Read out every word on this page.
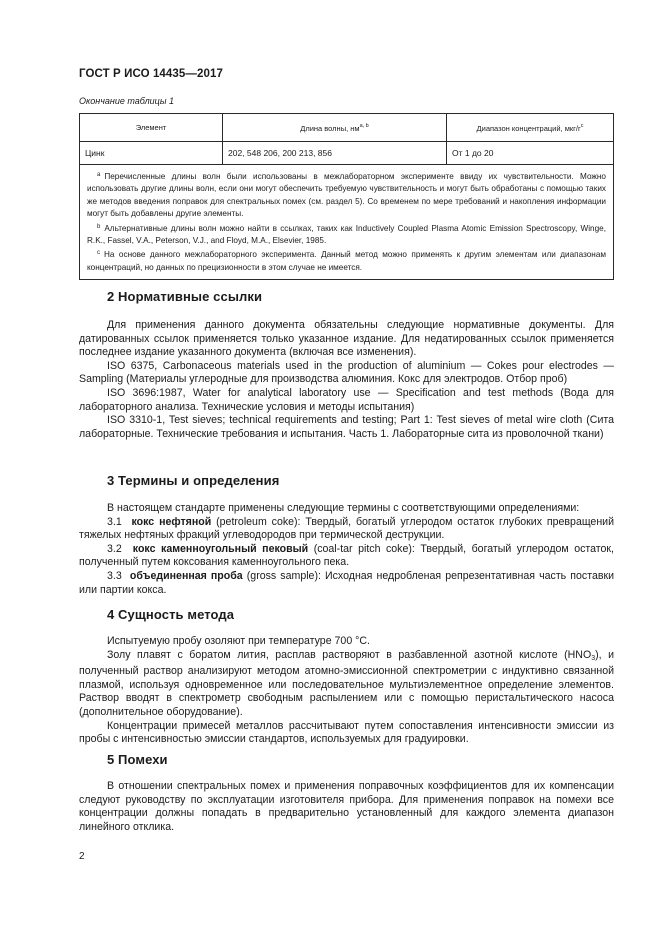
ГОСТ Р ИСО 14435—2017
Окончание таблицы 1
Элемент	Длина волны, нм$^{a, b}$	Диапазон концентраций, мкг/$г^c$
Цинк	202, 548 206, 200 213, 856	От 1 до 20

$^a$ Перечисленные длины волн были использованы в межлабораторном эксперименте ввиду их чувствительности. Можно использовать другие длины волн, если они могут обеспечить требуемую чувствительность и могут быть обработаны с помощью таких же методов введения поправок для спектральных помех (см. раздел 5). Со временем по мере требований и накопления информации могут быть добавлены другие элементы.

$^b$ Альтернативные длины волн можно найти в ссылках, таких как Inductively Coupled Plasma Atomic Emission Spectroscopy, Winge, R.K., Fassel, V.A., Peterson, V.J., and Floyd, M.A., Elsevier, 1985.

$^c$ На основе данного межлабораторного эксперимента. Данный метод можно применять к другим элементам или диапазонам концентраций, но данных по прецизионности в этом случае не имеется.		

2 Нормативные ссылки

Для применения данного документа обязательны следующие нормативные документы. Для датированных ссылок применяется только указанное издание. Для недатированных ссылок применяется последнее издание указанного документа (включая все изменения).

ISO 6375, Carbonaceous materials used in the production of aluminium — Cokes pour electrodes — Sampling (Материалы углеродные для производства алюминия. Кокс для электродов. Отбор проб)

ISO 3696:1987, Water for analytical laboratory use — Specification and test methods (Вода для лабораторного анализа. Технические условия и методы испытания)

ISO 3310-1, Test sieves; technical requirements and testing; Part 1: Test sieves of metal wire cloth (Сита лабораторные. Технические требования и испытания. Часть 1. Лабораторные сита из проволочной ткани)

3 Термины и определения

В настоящем стандарте применены следующие термины с соответствующими определениями:

3.1 кокс нефтяной (petroleum coke): Твердый, богатый углеродом остаток глубоких превращений тяжелых нефтяных фракций углеводородов при термической деструкции.

3.2 кокс каменноугольный пековый (coal-tar pitch coke): Твердый, богатый углеродом остаток, полученный путем коксования каменноугольного пека.

3.3 объединенная проба (gross sample): Исходная недробленая репрезентативная часть поставки или партии кокса.

4 Сущность метода

Испытуемую пробу озоляют при температуре 700 °С.

Золу плавят с боратом лития, расплав растворяют в разбавленной азотной кислоте $(HNO_3)$, и полученный раствор анализируют методом атомно-эмиссионной спектрометрии с индуктивно связанной плазмой, используя одновременное или последовательное мультиэлементное определение элементов. Раствор вводят в спектрометр свободным распылением или с помощью перистальтического насоса (дополнительное оборудование).

Концентрации примесей металлов рассчитывают путем сопоставления интенсивности эмиссии из пробы с интенсивностью эмиссии стандартов, используемых для градуировки.

5 Помехи

В отношении спектральных помех и применения поправочных коэффициентов для их компенсации следуют руководству по эксплуатации изготовителя прибора. Для применения поправок на помехи все концентрации должны попадать в предварительно установленный для каждого элемента диапазон линейного отклика.

2
